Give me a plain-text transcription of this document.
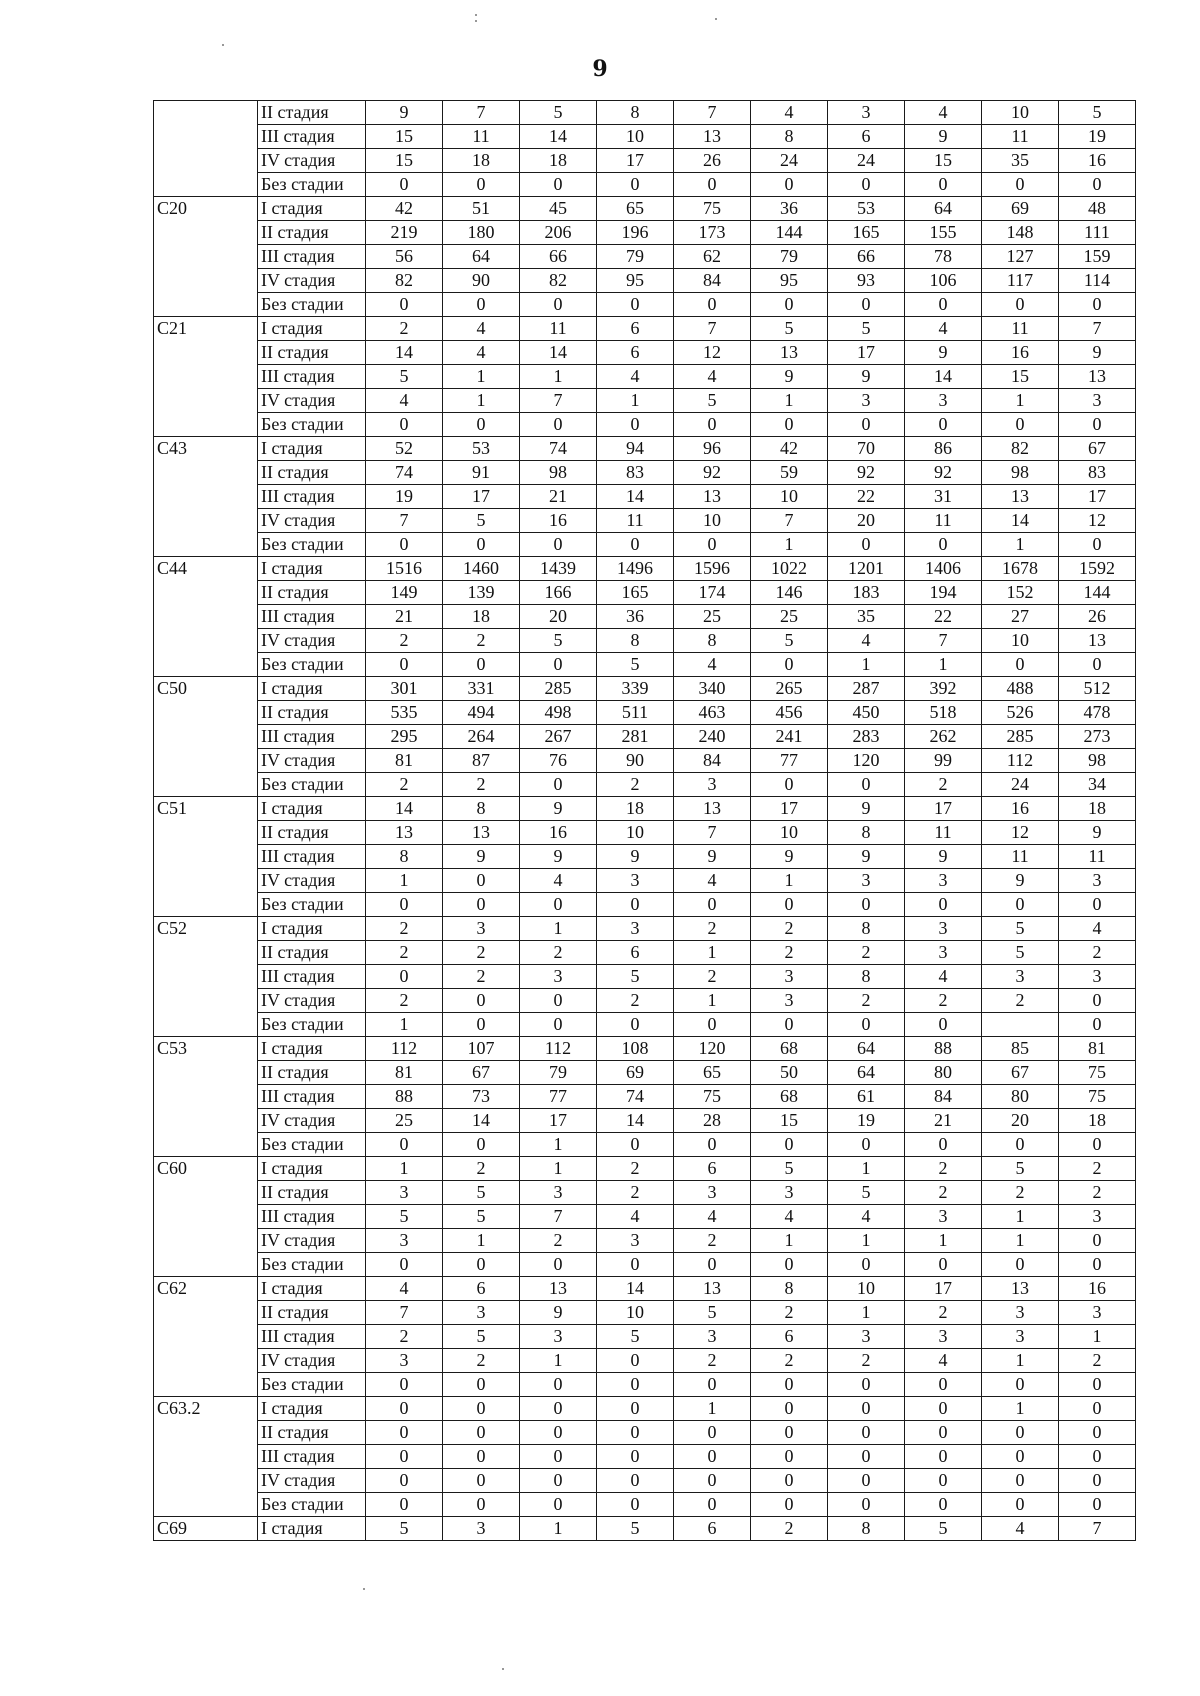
9
	II стадия	9	7	5	8	7	4	3	4	10	5
	III стадия	15	11	14	10	13	8	6	9	11	19
	IV стадия	15	18	18	17	26	24	24	15	35	16
	Без стадии	0	0	0	0	0	0	0	0	0	0
C20	I стадия	42	51	45	65	75	36	53	64	69	48
	II стадия	219	180	206	196	173	144	165	155	148	111
	III стадия	56	64	66	79	62	79	66	78	127	159
	IV стадия	82	90	82	95	84	95	93	106	117	114
	Без стадии	0	0	0	0	0	0	0	0	0	0
C21	I стадия	2	4	11	6	7	5	5	4	11	7
	II стадия	14	4	14	6	12	13	17	9	16	9
	III стадия	5	1	1	4	4	9	9	14	15	13
	IV стадия	4	1	7	1	5	1	3	3	1	3
	Без стадии	0	0	0	0	0	0	0	0	0	0
C43	I стадия	52	53	74	94	96	42	70	86	82	67
	II стадия	74	91	98	83	92	59	92	92	98	83
	III стадия	19	17	21	14	13	10	22	31	13	17
	IV стадия	7	5	16	11	10	7	20	11	14	12
	Без стадии	0	0	0	0	0	1	0	0	1	0
C44	I стадия	1516	1460	1439	1496	1596	1022	1201	1406	1678	1592
	II стадия	149	139	166	165	174	146	183	194	152	144
	III стадия	21	18	20	36	25	25	35	22	27	26
	IV стадия	2	2	5	8	8	5	4	7	10	13
	Без стадии	0	0	0	5	4	0	1	1	0	0
C50	I стадия	301	331	285	339	340	265	287	392	488	512
	II стадия	535	494	498	511	463	456	450	518	526	478
	III стадия	295	264	267	281	240	241	283	262	285	273
	IV стадия	81	87	76	90	84	77	120	99	112	98
	Без стадии	2	2	0	2	3	0	0	2	24	34
C51	I стадия	14	8	9	18	13	17	9	17	16	18
	II стадия	13	13	16	10	7	10	8	11	12	9
	III стадия	8	9	9	9	9	9	9	9	11	11
	IV стадия	1	0	4	3	4	1	3	3	9	3
	Без стадии	0	0	0	0	0	0	0	0	0	0
C52	I стадия	2	3	1	3	2	2	8	3	5	4
	II стадия	2	2	2	6	1	2	2	3	5	2
	III стадия	0	2	3	5	2	3	8	4	3	3
	IV стадия	2	0	0	2	1	3	2	2	2	0
	Без стадии	1	0	0	0	0	0	0	0		0
C53	I стадия	112	107	112	108	120	68	64	88	85	81
	II стадия	81	67	79	69	65	50	64	80	67	75
	III стадия	88	73	77	74	75	68	61	84	80	75
	IV стадия	25	14	17	14	28	15	19	21	20	18
	Без стадии	0	0	1	0	0	0	0	0	0	0
C60	I стадия	1	2	1	2	6	5	1	2	5	2
	II стадия	3	5	3	2	3	3	5	2	2	2
	III стадия	5	5	7	4	4	4	4	3	1	3
	IV стадия	3	1	2	3	2	1	1	1	1	0
	Без стадии	0	0	0	0	0	0	0	0	0	0
C62	I стадия	4	6	13	14	13	8	10	17	13	16
	II стадия	7	3	9	10	5	2	1	2	3	3
	III стадия	2	5	3	5	3	6	3	3	3	1
	IV стадия	3	2	1	0	2	2	2	4	1	2
	Без стадии	0	0	0	0	0	0	0	0	0	0
C63.2	I стадия	0	0	0	0	1	0	0	0	1	0
	II стадия	0	0	0	0	0	0	0	0	0	0
	III стадия	0	0	0	0	0	0	0	0	0	0
	IV стадия	0	0	0	0	0	0	0	0	0	0
	Без стадии	0	0	0	0	0	0	0	0	0	0
C69	I стадия	5	3	1	5	6	2	8	5	4	7
